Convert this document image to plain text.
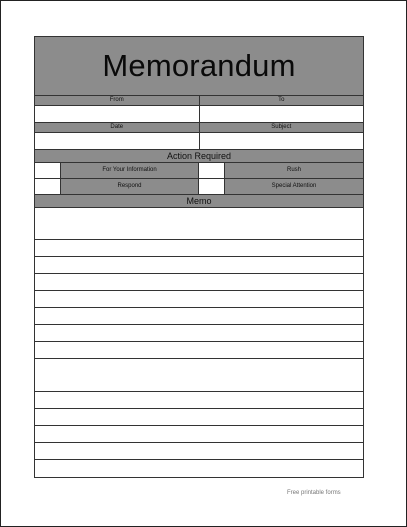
Memorandum
From	To
Date	Subject
Action Required
For Your Information	Rush
Respond	Special Attention
Memo
Free printable forms
